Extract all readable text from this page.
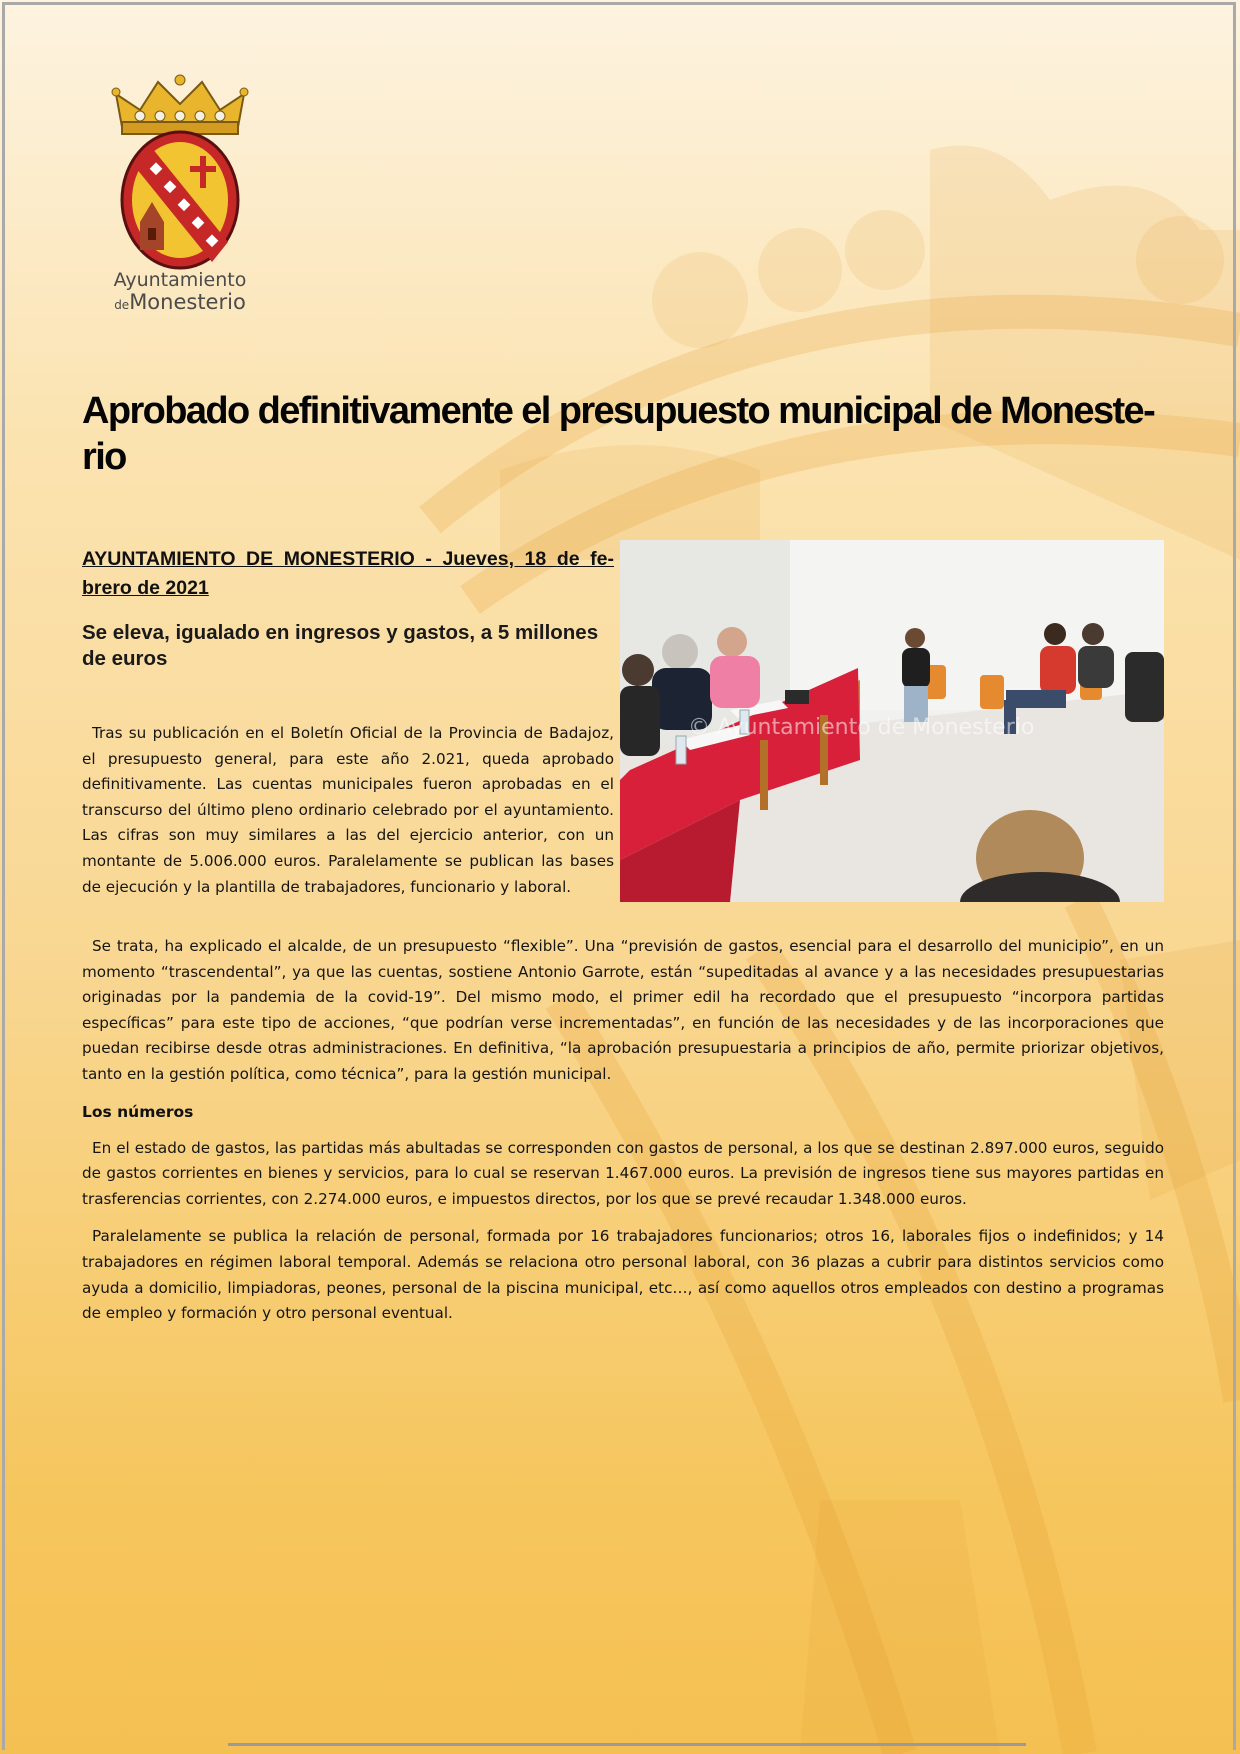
Ayuntamiento
deMonesterio
Aprobado definitivamente el presupuesto municipal de Monesterio
AYUNTAMIENTO DE MONESTERIO - Jueves, 18 de febrero de 2021
Se eleva, igualado en ingresos y gastos, a 5 millones de euros
© Ayuntamiento de Monesterio

Tras su publicación en el Boletín Oficial de la Provincia de Badajoz, el presupuesto general, para este año 2.021, queda aprobado definitivamente. Las cuentas municipales fueron aprobadas en el transcurso del último pleno ordinario celebrado por el ayuntamiento. Las cifras son muy similares a las del ejercicio anterior, con un montante de 5.006.000 euros. Paralelamente se publican las bases de ejecución y la plantilla de trabajadores, funcionario y laboral.

Se trata, ha explicado el alcalde, de un presupuesto “flexible”. Una “previsión de gastos, esencial para el desarrollo del municipio”, en un momento “trascendental”, ya que las cuentas, sostiene Antonio Garrote, están “supeditadas al avance y a las necesidades presupuestarias originadas por la pandemia de la covid-19”. Del mismo modo, el primer edil ha recordado que el presupuesto “incorpora partidas específicas” para este tipo de acciones, “que podrían verse incrementadas”, en función de las necesidades y de las incorporaciones que puedan recibirse desde otras administraciones. En definitiva, “la aprobación presupuestaria a principios de año, permite priorizar objetivos, tanto en la gestión política, como técnica”, para la gestión municipal.

Los números

En el estado de gastos, las partidas más abultadas se corresponden con gastos de personal, a los que se destinan 2.897.000 euros, seguido de gastos corrientes en bienes y servicios, para lo cual se reservan 1.467.000 euros. La previsión de ingresos tiene sus mayores partidas en trasferencias corrientes, con 2.274.000 euros, e impuestos directos, por los que se prevé recaudar 1.348.000 euros.

Paralelamente se publica la relación de personal, formada por 16 trabajadores funcionarios; otros 16, laborales fijos o indefinidos; y 14 trabajadores en régimen laboral temporal. Además se relaciona otro personal laboral, con 36 plazas a cubrir para distintos servicios como ayuda a domicilio, limpiadoras, peones, personal de la piscina municipal, etc…, así como aquellos otros empleados con destino a programas de empleo y formación y otro personal eventual.
